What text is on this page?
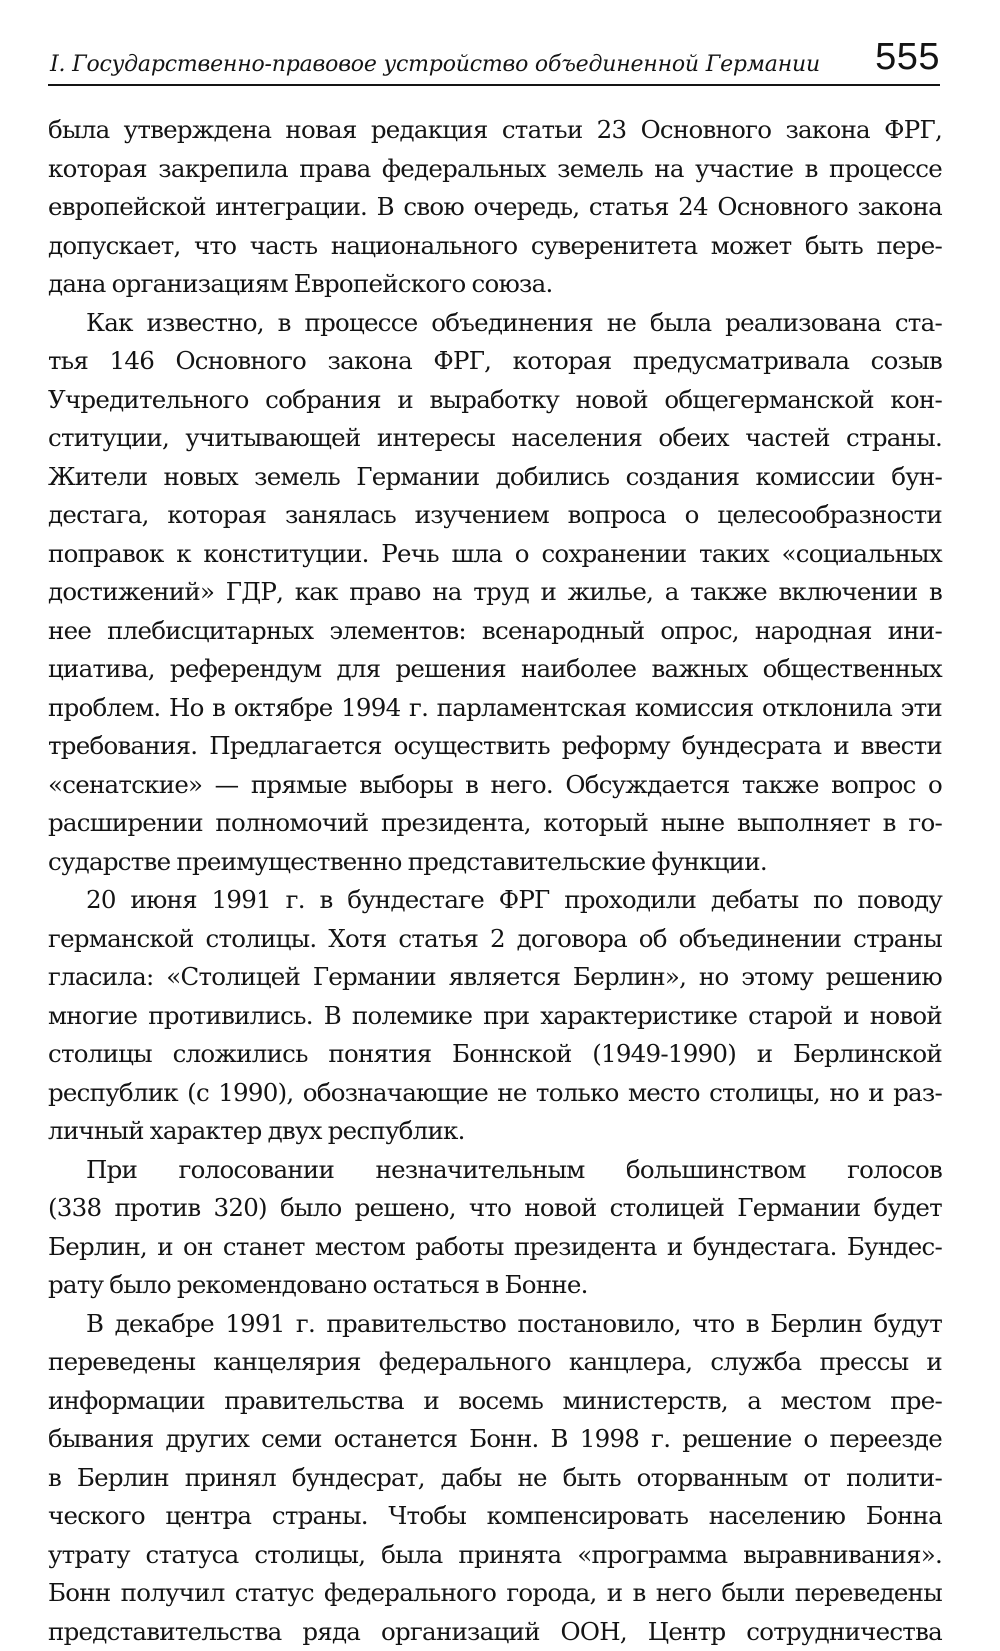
I. Государственно-правовое устройство объединенной Германии 555
была утверждена новая редакция статьи 23 Основного закона ФРГ,
которая закрепила права федеральных земель на участие в процессе
европейской интеграции. В свою очередь, статья 24 Основного закона
допускает, что часть национального суверенитета может быть пере-
дана организациям Европейского союза.
Как известно, в процессе объединения не была реализована ста-
тья 146 Основного закона ФРГ, которая предусматривала созыв
Учредительного собрания и выработку новой общегерманской кон-
ституции, учитывающей интересы населения обеих частей страны.
Жители новых земель Германии добились создания комиссии бун-
дестага, которая занялась изучением вопроса о целесообразности
поправок к конституции. Речь шла о сохранении таких «социальных
достижений» ГДР, как право на труд и жилье, а также включении в
нее плебисцитарных элементов: всенародный опрос, народная ини-
циатива, референдум для решения наиболее важных общественных
проблем. Но в октябре 1994 г. парламентская комиссия отклонила эти
требования. Предлагается осуществить реформу бундесрата и ввести
«сенатские» — прямые выборы в него. Обсуждается также вопрос о
расширении полномочий президента, который ныне выполняет в го-
сударстве преимущественно представительские функции.
20 июня 1991 г. в бундестаге ФРГ проходили дебаты по поводу
германской столицы. Хотя статья 2 договора об объединении страны
гласила: «Столицей Германии является Берлин», но этому решению
многие противились. В полемике при характеристике старой и новой
столицы сложились понятия Боннской (1949-1990) и Берлинской
республик (с 1990), обозначающие не только место столицы, но и раз-
личный характер двух республик.
При голосовании незначительным большинством голосов
(338 против 320) было решено, что новой столицей Германии будет
Берлин, и он станет местом работы президента и бундестага. Бундес-
рату было рекомендовано остаться в Бонне.
В декабре 1991 г. правительство постановило, что в Берлин будут
переведены канцелярия федерального канцлера, служба прессы и
информации правительства и восемь министерств, а местом пре-
бывания других семи останется Бонн. В 1998 г. решение о переезде
в Берлин принял бундесрат, дабы не быть оторванным от полити-
ческого центра страны. Чтобы компенсировать населению Бонна
утрату статуса столицы, была принята «программа выравнивания».
Бонн получил статус федерального города, и в него были переведены
представительства ряда организаций ООН, Центр сотрудничества
